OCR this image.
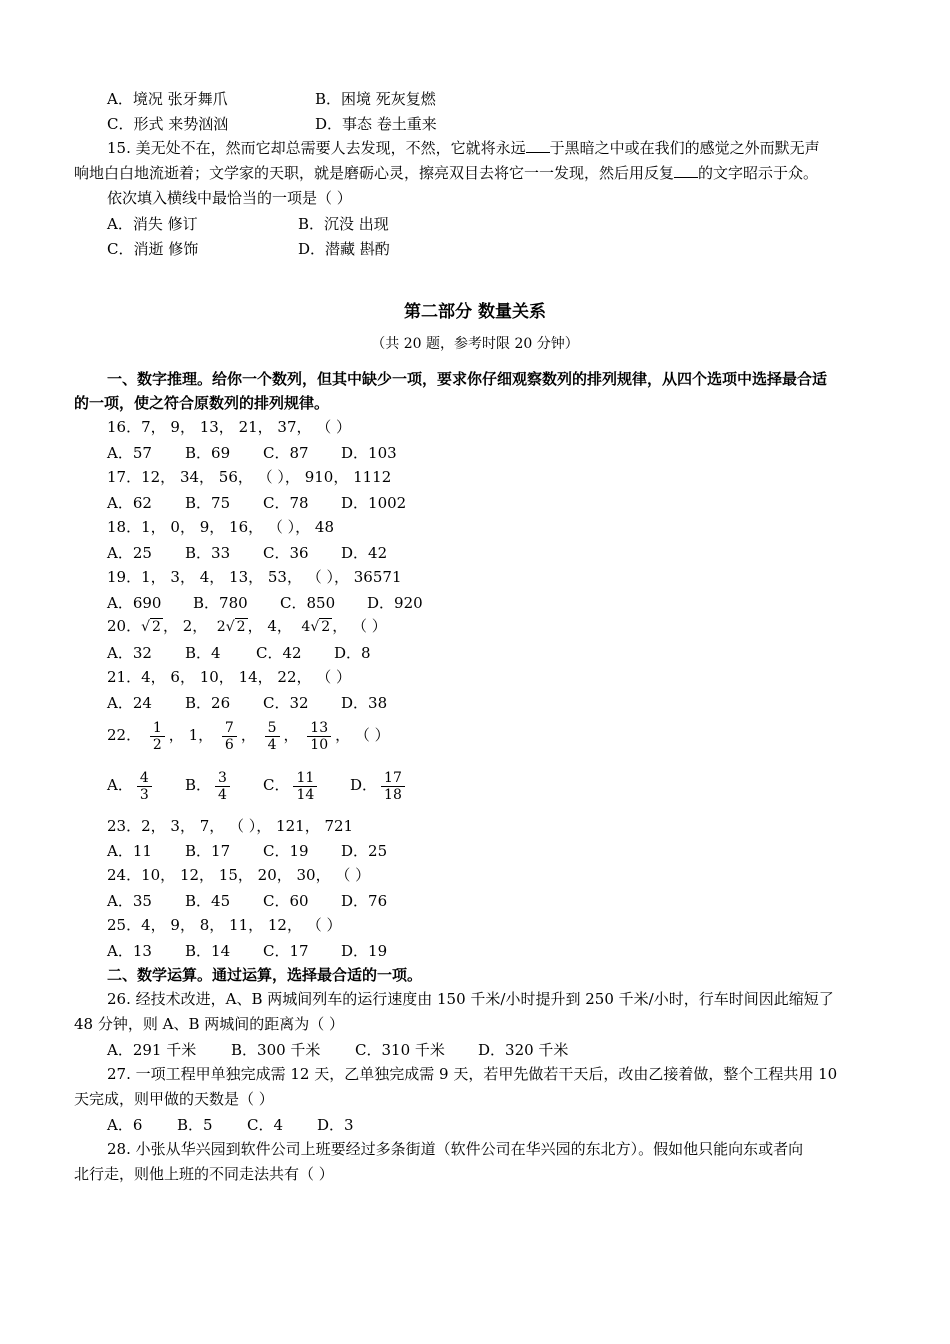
A．境况 张牙舞爪	B．困境 死灰复燃
C．形式 来势汹汹	D．事态 卷土重来
15. 美无处不在，然而它却总需要人去发现，不然，它就将永远 于黑暗之中或在我们的感觉之外而默无声
响地白白地流逝着；文学家的天职，就是磨砺心灵，擦亮双目去将它一一发现，然后用反复 的文字昭示于众。
依次填入横线中最恰当的一项是（ ）
A．消失 修订	B．沉没 出现
C．消逝 修饰	D．潜藏 斟酌
第二部分 数量关系
（共 20 题，参考时限 20 分钟）
一、数字推理。给你一个数列，但其中缺少一项，要求你仔细观察数列的排列规律，从四个选项中选择最合适
的一项，使之符合原数列的排列规律。
16．7， 9， 13， 21， 37， （ ）
A．57 B．69 C．87 D．103
17．12， 34， 56， （ ）， 910， 1112
A．62 B．75 C．78 D．1002
18．1， 0， 9， 16， （ ）， 48
A．25 B．33 C．36 D．42
19．1， 3， 4， 13， 53， （ ）， 36571
A．690 B．780 C．850 D．920
20．√ 2 ， 2， 2√ 2 ， 4， 4√ 2 ， （ ）
A．32 B．4 C．42 D．8
21．4， 6， 10， 14， 22， （ ）
A．24 B．26 C．32 D．38
22． $\frac{1}{2}$ ， 1， $\frac{7}{6}$ ， $\frac{5}{4}$ ， $\frac{13}{10}$ ， （ ）
A． $\frac{4}{3}$ B． $\frac{3}{4}$ C． $\frac{11}{14}$ D． $\frac{17}{18}$
23．2， 3， 7， （ ）， 121， 721
A．11 B．17 C．19 D．25
24．10， 12， 15， 20， 30， （ ）
A．35 B．45 C．60 D．76
25．4， 9， 8， 11， 12， （ ）
A．13 B．14 C．17 D．19
二、数学运算。通过运算，选择最合适的一项。
26. 经技术改进，A、B 两城间列车的运行速度由 150 千米/小时提升到 250 千米/小时，行车时间因此缩短了
48 分钟，则 A、B 两城间的距离为（ ）
A．291 千米 B．300 千米 C．310 千米 D．320 千米
27. 一项工程甲单独完成需 12 天，乙单独完成需 9 天，若甲先做若干天后，改由乙接着做，整个工程共用 10
天完成，则甲做的天数是（ ）
A．6 B．5 C．4 D．3
28. 小张从华兴园到软件公司上班要经过多条街道（软件公司在华兴园的东北方）。假如他只能向东或者向
北行走，则他上班的不同走法共有（ ）
